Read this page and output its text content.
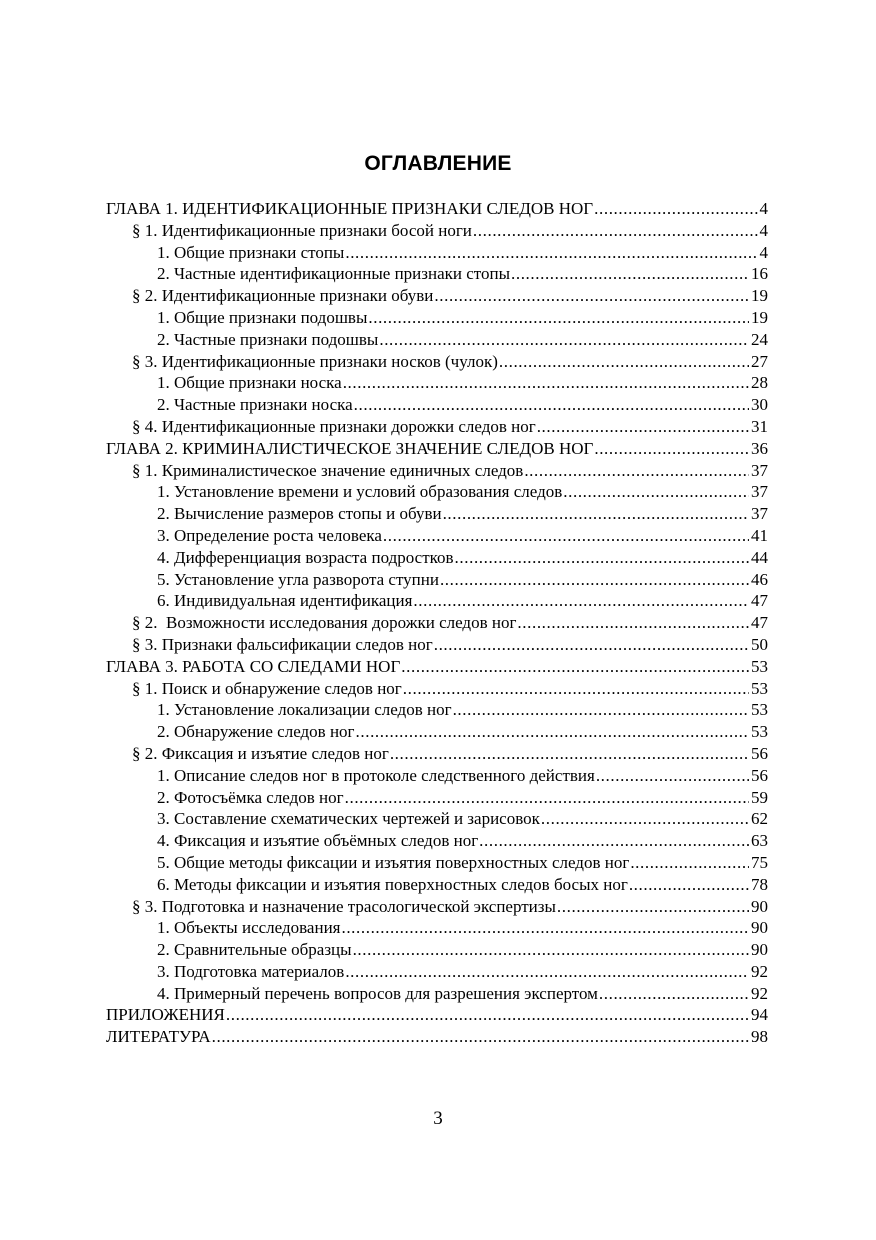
ОГЛАВЛЕНИЕ
ГЛАВА 1. ИДЕНТИФИКАЦИОННЫЕ ПРИЗНАКИ СЛЕДОВ НОГ .....	4
§ 1. Идентификационные признаки босой ноги .....	4
1. Общие признаки стопы .....	4
2. Частные идентификационные признаки стопы .....	16
§ 2. Идентификационные признаки обуви .....	19
1. Общие признаки подошвы .....	19
2. Частные признаки подошвы .....	24
§ 3. Идентификационные признаки носков (чулок) .....	27
1. Общие признаки носка .....	28
2. Частные признаки носка .....	30
§ 4. Идентификационные признаки дорожки следов ног .....	31
ГЛАВА 2. КРИМИНАЛИСТИЧЕСКОЕ ЗНАЧЕНИЕ СЛЕДОВ НОГ .....	36
§ 1. Криминалистическое значение единичных следов .....	37
1. Установление времени и условий образования следов .....	37
2. Вычисление размеров стопы и обуви .....	37
3. Определение роста человека .....	41
4. Дифференциация возраста подростков .....	44
5. Установление угла разворота ступни .....	46
6. Индивидуальная идентификация .....	47
§ 2.  Возможности исследования дорожки следов ног .....	47
§ 3. Признаки фальсификации следов ног .....	50
ГЛАВА 3. РАБОТА СО СЛЕДАМИ НОГ .....	53
§ 1. Поиск и обнаружение следов ног .....	53
1. Установление локализации следов ног .....	53
2. Обнаружение следов ног .....	53
§ 2. Фиксация и изъятие следов ног .....	56
1. Описание следов ног в протоколе следственного действия .....	56
2. Фотосъёмка следов ног .....	59
3. Составление схематических чертежей и зарисовок .....	62
4. Фиксация и изъятие объёмных следов ног .....	63
5. Общие методы фиксации и изъятия поверхностных следов ног .....	75
6. Методы фиксации и изъятия поверхностных следов босых ног .....	78
§ 3. Подготовка и назначение трасологической экспертизы .....	90
1. Объекты исследования .....	90
2. Сравнительные образцы .....	90
3. Подготовка материалов .....	92
4. Примерный перечень вопросов для разрешения экспертом .....	92
ПРИЛОЖЕНИЯ .....	94
ЛИТЕРАТУРА .....	98
3
